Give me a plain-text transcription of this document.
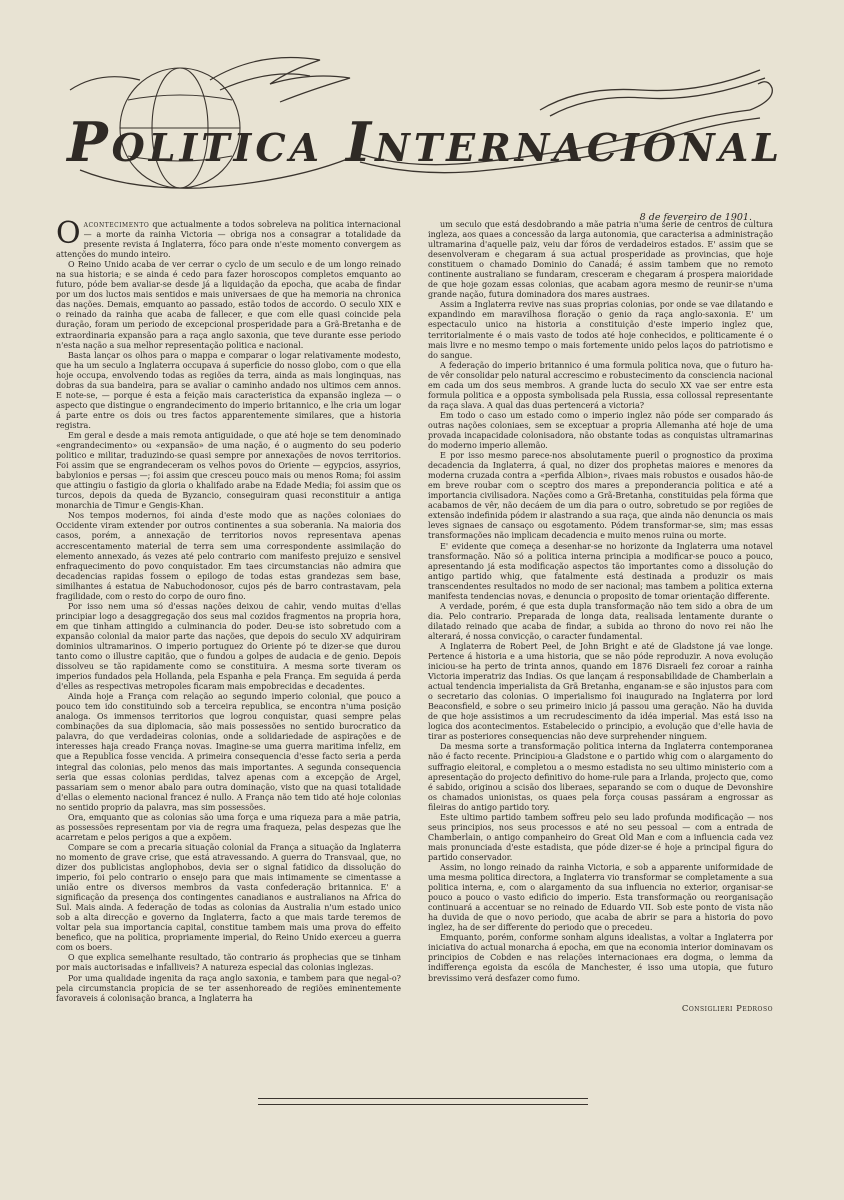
Politica Internacional
8 de fevereiro de 1901.

Oacontecimento que actualmente a todos sobreleva na politica internacional — a morte da rainha Victoria — obriga nos a consagrar a totalidade da presente revista á Inglaterra, fóco para onde n'este momento convergem as attenções do mundo inteiro.

O Reino Unido acaba de ver cerrar o cyclo de um seculo e de um longo reinado na sua historia; e se ainda é cedo para fazer horoscopos completos emquanto ao futuro, póde bem avaliar-se desde já a liquidação da epocha, que acaba de findar por um dos luctos mais sentidos e mais universaes de que ha memoria na chronica das nações. Demais, emquanto ao passado, estão todos de accordo. O seculo XIX e o reinado da rainha que acaba de fallecer, e que com elle quasi coincide pela duração, foram um periodo de excepcional prosperidade para a Grã-Bretanha e de extraordinaria expansão para a raça anglo saxonia, que teve durante esse periodo n'esta nação a sua melhor representação politica e nacional.

Basta lançar os olhos para o mappa e comparar o logar relativamente modesto, que ha um seculo a Inglaterra occupava á superficie do nosso globo, com o que ella hoje occupa, envolvendo todas as regiões da terra, ainda as mais longinquas, nas dobras da sua bandeira, para se avaliar o caminho andado nos ultimos cem annos. E note-se, — porque é esta a feição mais caracteristica da expansão ingleza — o aspecto que distingue o engrandecimento do imperio britannico, e lhe cria um logar á parte entre os dois ou tres factos apparentemente similares, que a historia registra.

Em geral e desde a mais remota antiguidade, o que até hoje se tem denominado «engrandecimento» ou «expansão» de uma nação, é o augmento do seu poderio politico e militar, traduzindo-se quasi sempre por annexações de novos territorios. Foi assim que se engrandeceram os velhos povos do Oriente — egypcios, assyrios, babylonios e persas —; foi assim que cresceu pouco mais ou menos Roma; foi assim que attingiu o fastigio da gloria o khalifado arabe na Edade Media; foi assim que os turcos, depois da queda de Byzancio, conseguiram quasi reconstituir a antiga monarchia de Timur e Gengis-Khan.

Nos tempos modernos, foi ainda d'este modo que as nações coloniaes do Occidente viram extender por outros continentes a sua soberania. Na maioria dos casos, porém, a annexação de territorios novos representava apenas accrescentamento material de terra sem uma correspondente assimilação do elemento annexado, ás vezes até pelo contrario com manifesto prejuizo e sensivel enfraquecimento do povo conquistador. Em taes circumstancias não admira que decadencias rapidas fossem o epilogo de todas estas grandezas sem base, similhantes á estatua de Nabuchodonosor, cujos pés de barro contrastavam, pela fragilidade, com o resto do corpo de ouro fino.

Por isso nem uma só d'essas nações deixou de cahir, vendo muitas d'ellas principiar logo a desaggregação dos seus mal cozidos fragmentos na propria hora, em que tinham attingido a culminancia do poder. Deu-se isto sobretudo com a expansão colonial da maior parte das nações, que depois do seculo XV adquiriram dominios ultramarinos. O imperio portuguez do Oriente pó te dizer-se que durou tanto como o illustre capitão, que o fundou a golpes de audacia e de genio. Depois dissolveu se tão rapidamente como se constituira. A mesma sorte tiveram os imperios fundados pela Hollanda, pela Espanha e pela França. Em seguida á perda d'elles as respectivas metropoles ficaram mais empobrecidas e decadentes.

Ainda hoje a França com relação ao segundo imperio colonial, que pouco a pouco tem ido constituindo sob a terceira republica, se encontra n'uma posição analoga. Os immensos territorios que logrou conquistar, quasi sempre pelas combinações da sua diplomacia, são mais possessões no sentido burocratico da palavra, do que verdadeiras colonias, onde a solidariedade de aspirações e de interesses haja creado França novas. Imagine-se uma guerra maritima infeliz, em que a Republica fosse vencida. A primeira consequencia d'esse facto seria a perda integral das colonias, pelo menos das mais importantes. A segunda consequencia seria que essas colonias perdidas, talvez apenas com a excepção de Argel, passariam sem o menor abalo para outra dominação, visto que na quasi totalidade d'ellas o elemento nacional francez é nullo. A França não tem tido até hoje colonias no sentido proprio da palavra, mas sim possessões.

Ora, emquanto que as colonias são uma força e uma riqueza para a mãe patria, as possessões representam por via de regra uma fraqueza, pelas despezas que lhe acarretam e pelos perigos a que a expõem.

Compare se com a precaria situação colonial da França a situação da Inglaterra no momento de grave crise, que está atravessando. A guerra do Transvaal, que, no dizer dos publicistas anglophobos, devia ser o signal fatidico da dissolução do imperio, foi pelo contrario o ensejo para que mais intimamente se cimentasse a união entre os diversos membros da vasta confederação britannica. E' a significação da presença dos contingentes canadianos e australianos na Africa do Sul. Mais ainda. A federação de todas as colonias da Australia n'um estado unico sob a alta direcção e governo da Inglaterra, facto a que mais tarde teremos de voltar pela sua importancia capital, constitue tambem mais uma prova do effeito benefico, que na politica, propriamente imperial, do Reino Unido exerceu a guerra com os boers.

O que explica semelhante resultado, tão contrario ás prophecias que se tinham por mais auctorisadas e infalliveis? A natureza especial das colonias inglezas.

Por uma qualidade ingenita da raça anglo saxonia, e tambem para que negal-o? pela circumstancia propicia de se ter assenhoreado de regiões eminentemente favoraveis á colonisação branca, a Inglaterra ha

um seculo que está desdobrando a mãe patria n'uma serie de centros de cultura ingleza, aos quaes a concessão da larga autonomia, que caracterisa a administração ultramarina d'aquelle paiz, veiu dar fóros de verdadeiros estados. E' assim que se desenvolveram e chegaram á sua actual prosperidade as provincias, que hoje constituem o chamado Dominio do Canadá; é assim tambem que no remoto continente australiano se fundaram, cresceram e chegaram á prospera maioridade de que hoje gozam essas colonias, que acabam agora mesmo de reunir-se n'uma grande nação, futura dominadora dos mares austraes.

Assim a Inglaterra revive nas suas proprias colonias, por onde se vae dilatando e expandindo em maravilhosa floração o genio da raça anglo-saxonia. E' um espectaculo unico na historia a constituição d'este imperio inglez que, territorialmente é o mais vasto de todos até hoje conhecidos, e politicamente é o mais livre e no mesmo tempo o mais fortemente unido pelos laços do patriotismo e do sangue.

A federação do imperio britannico é uma formula politica nova, que o futuro ha-de vêr consolidar pelo natural accrescimo e robustecimento da consciencia nacional em cada um dos seus membros. A grande lucta do seculo XX vae ser entre esta formula politica e a opposta symbolisada pela Russia, essa collossal representante da raça slava. A qual das duas pertencerá a victoria?

Em todo o caso um estado como o imperio inglez não póde ser comparado ás outras nações coloniaes, sem se exceptuar a propria Allemanha até hoje de uma provada incapacidade colonisadora, não obstante todas as conquistas ultramarinas do moderno imperio allemão.

E por isso mesmo parece-nos absolutamente pueril o prognostico da proxima decadencia da Inglaterra, á qual, no dizer dos prophetas maiores e menores da moderna cruzada contra a «perfida Albion», rivaes mais robustos e ousados hão-de em breve roubar com o sceptro dos mares a preponderancia politica e até a importancia civilisadora. Nações como a Grã-Bretanha, constituidas pela fórma que acabamos de vêr, não decáem de um dia para o outro, sobretudo se por regiões de extensão indefinida pódem ir alastrando a sua raça, que ainda não denuncia os mais leves signaes de cansaço ou esgotamento. Pódem transformar-se, sim; mas essas transformações não implicam decadencia e muito menos ruina ou morte.

E' evidente que começa a desenhar-se no horizonte da Inglaterra uma notavel transformação. Não só a politica interna principia a modificar-se pouco a pouco, apresentando já esta modificação aspectos tão importantes como a dissolução do antigo partido whig, que fatalmente está destinada a produzir os mais transcendentes resultados no modo de ser nacional; mas tambem a politica externa manifesta tendencias novas, e denuncia o proposito de tomar orientação differente.

A verdade, porém, é que esta dupla transformação não tem sido a obra de um dia. Pelo contrario. Preparada de longa data, realisada lentamente durante o dilatado reinado que acaba de findar, a subida ao throno do novo rei não lhe alterará, é nossa convicção, o caracter fundamental.

A Inglaterra de Robert Peel, de John Bright e até de Gladstone já vae longe. Pertence á historia e a uma historia, que se não póde reproduzir. A nova evolução iniciou-se ha perto de trinta annos, quando em 1876 Disraeli fez coroar a rainha Victoria imperatriz das Indias. Os que lançam á responsabilidade de Chamberlain a actual tendencia imperialista da Grã Bretanha, enganam-se e são injustos para com o secretario das colonias. O imperialismo foi inaugurado na Inglaterra por lord Beaconsfield, e sobre o seu primeiro inicio já passou uma geração. Não ha duvida de que hoje assistimos a um recrudescimento da idéa imperial. Mas está isso na logica dos acontecimentos. Estabelecido o principio, a evolução que d'elle havia de tirar as posteriores consequencias não deve surprehender ninguem.

Da mesma sorte a transformação politica interna da Inglaterra contemporanea não é facto recente. Principiou-a Gladstone e o partido whig com o alargamento do suffragio eleitoral, e completou a o mesmo estadista no seu ultimo ministerio com a apresentação do projecto definitivo do home-rule para a Irlanda, projecto que, como é sabido, originou a scisão dos liberaes, separando se com o duque de Devonshire os chamados unionistas, os quaes pela força cousas passáram a engrossar as fileiras do antigo partido tory.

Este ultimo partido tambem soffreu pelo seu lado profunda modificação — nos seus principios, nos seus processos e até no seu pessoal — com a entrada de Chamberlain, o antigo companheiro do Great Old Man e com a influencia cada vez mais pronunciada d'este estadista, que póde dizer-se é hoje a principal figura do partido conservador.

Assim, no longo reinado da rainha Victoria, e sob a apparente uniformidade de uma mesma politica directora, a Inglaterra vio transformar se completamente a sua politica interna, e, com o alargamento da sua influencia no exterior, organisar-se pouco a pouco o vasto edificio do imperio. Esta transformação ou reorganisação continuará a accentuar se no reinado de Eduardo VII. Sob este ponto de vista não ha duvida de que o novo periodo, que acaba de abrir se para a historia do povo inglez, ha de ser differente do periodo que o precedeu.

Emquanto, porém, conforme sonham alguns idealistas, a voltar a Inglaterra por iniciativa do actual monarcha á epocha, em que na economia interior dominavam os principios de Cobden e nas relações internacionaes era dogma, o lemma da indifferença egoista da escóla de Manchester, é isso uma utopia, que futuro brevissimo verá desfazer como fumo.

Consiglieri Pedroso
